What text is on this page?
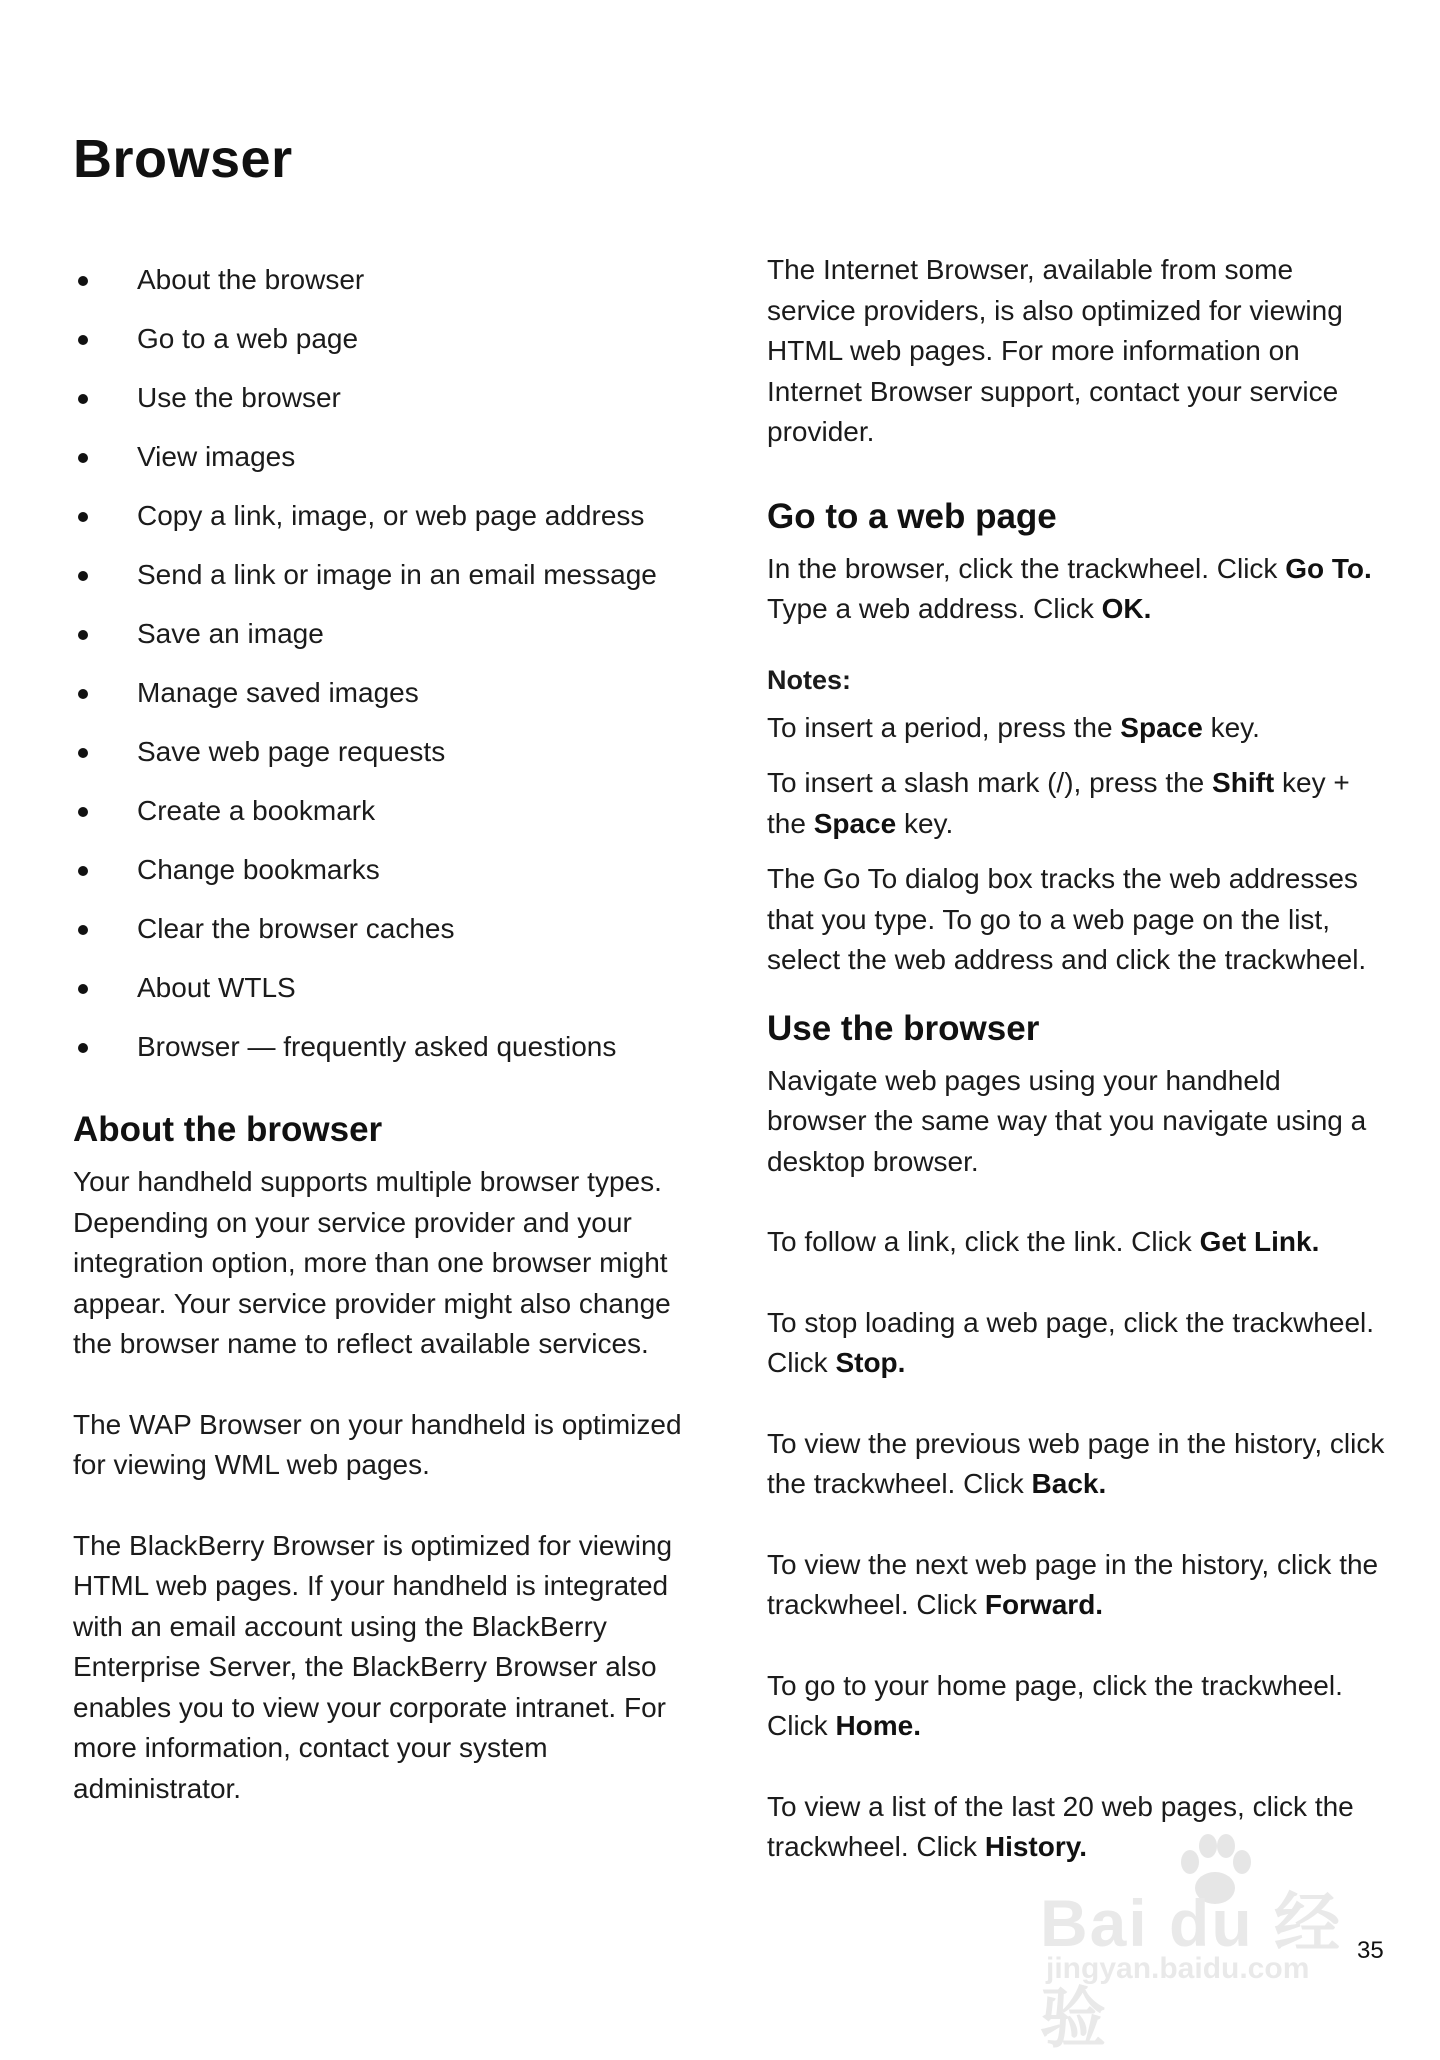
Browser
About the browser
Go to a web page
Use the browser
View images
Copy a link, image, or web page address
Send a link or image in an email message
Save an image
Manage saved images
Save web page requests
Create a bookmark
Change bookmarks
Clear the browser caches
About WTLS
Browser — frequently asked questions
About the browser

Your handheld supports multiple browser types. Depending on your service provider and your integration option, more than one browser might appear. Your service provider might also change the browser name to reflect available services.

The WAP Browser on your handheld is optimized for viewing WML web pages.

The BlackBerry Browser is optimized for viewing HTML web pages. If your handheld is integrated with an email account using the BlackBerry Enterprise Server, the BlackBerry Browser also enables you to view your corporate intranet. For more information, contact your system administrator.

The Internet Browser, available from some service providers, is also optimized for viewing HTML web pages. For more information on Internet Browser support, contact your service provider.

Go to a web page

In the browser, click the trackwheel. Click Go To. Type a web address. Click OK.

Notes:

To insert a period, press the Space key.

To insert a slash mark (/), press the Shift key + the Space key.

The Go To dialog box tracks the web addresses that you type. To go to a web page on the list, select the web address and click the trackwheel.

Use the browser

Navigate web pages using your handheld browser the same way that you navigate using a desktop browser.

To follow a link, click the link. Click Get Link.

To stop loading a web page, click the trackwheel. Click Stop.

To view the previous web page in the history, click the trackwheel. Click Back.

To view the next web page in the history, click the trackwheel. Click Forward.

To go to your home page, click the trackwheel. Click Home.

To view a list of the last 20 web pages, click the trackwheel. Click History.

Bai du 经验
jingyan.baidu.com
35
